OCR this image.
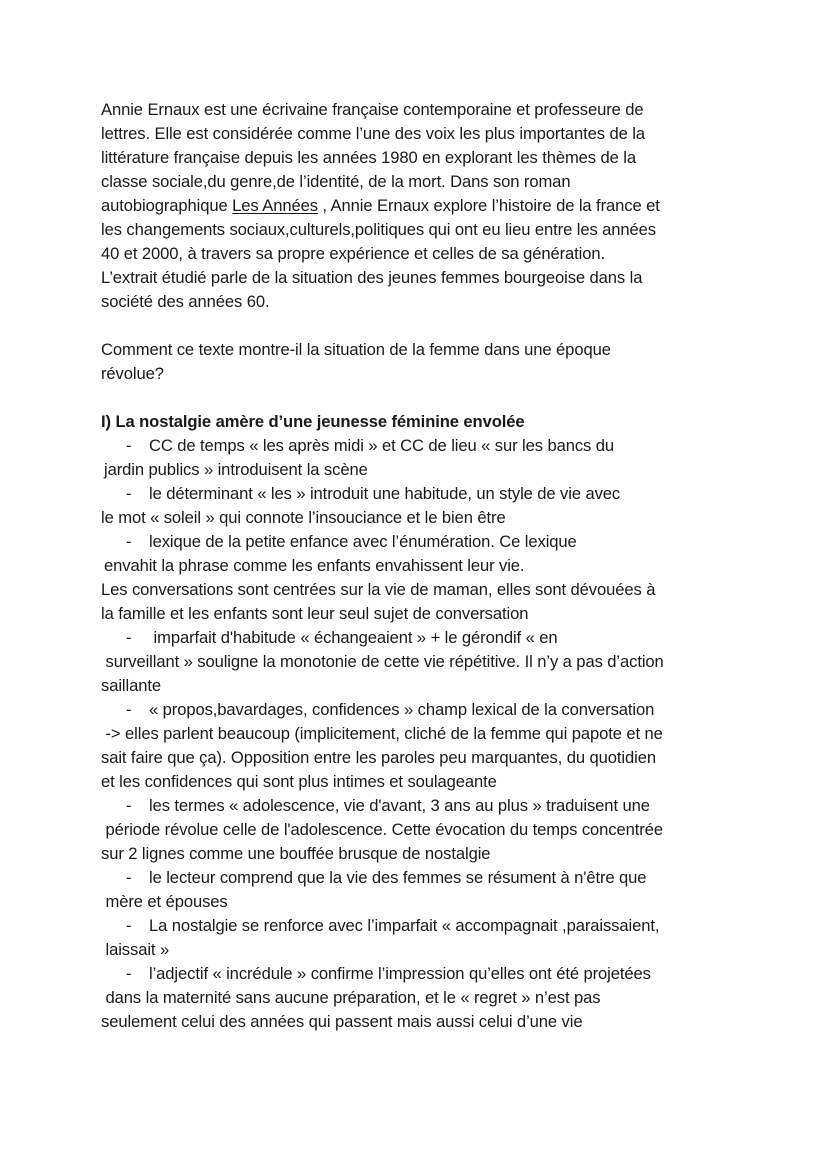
Annie Ernaux est une écrivaine française contemporaine et professeure de
lettres. Elle est considérée comme l’une des voix les plus importantes de la
littérature française depuis les années 1980 en explorant les thèmes de la
classe sociale,du genre,de l’identité, de la mort. Dans son roman
autobiographique Les Années , Annie Ernaux explore l’histoire de la france et
les changements sociaux,culturels,politiques qui ont eu lieu entre les années
40 et 2000, à travers sa propre expérience et celles de sa génération.
L’extrait étudié parle de la situation des jeunes femmes bourgeoise dans la
société des années 60.
Comment ce texte montre-il la situation de la femme dans une époque
révolue?
I) La nostalgie amère d’une jeunesse féminine envolée
- CC de temps « les après midi » et CC de lieu « sur les bancs du
jardin publics » introduisent la scène
- le déterminant « les » introduit une habitude, un style de vie avec
le mot « soleil » qui connote l’insouciance et le bien être
- lexique de la petite enfance avec l’énumération. Ce lexique
envahit la phrase comme les enfants envahissent leur vie.
Les conversations sont centrées sur la vie de maman, elles sont dévouées à
la famille et les enfants sont leur seul sujet de conversation
- imparfait d'habitude « échangeaient » + le gérondif « en
surveillant » souligne la monotonie de cette vie répétitive. Il n’y a pas d’action
saillante
- « propos,bavardages, confidences » champ lexical de la conversation
-> elles parlent beaucoup (implicitement, cliché de la femme qui papote et ne
sait faire que ça). Opposition entre les paroles peu marquantes, du quotidien
et les confidences qui sont plus intimes et soulageante
- les termes « adolescence, vie d'avant, 3 ans au plus » traduisent une
période révolue celle de l'adolescence. Cette évocation du temps concentrée
sur 2 lignes comme une bouffée brusque de nostalgie
- le lecteur comprend que la vie des femmes se résument à n'être que
mère et épouses
- La nostalgie se renforce avec l’imparfait « accompagnait ,paraissaient,
laissait »
- l’adjectif « incrédule » confirme l’impression qu’elles ont été projetées
dans la maternité sans aucune préparation, et le « regret » n’est pas
seulement celui des années qui passent mais aussi celui d’une vie
